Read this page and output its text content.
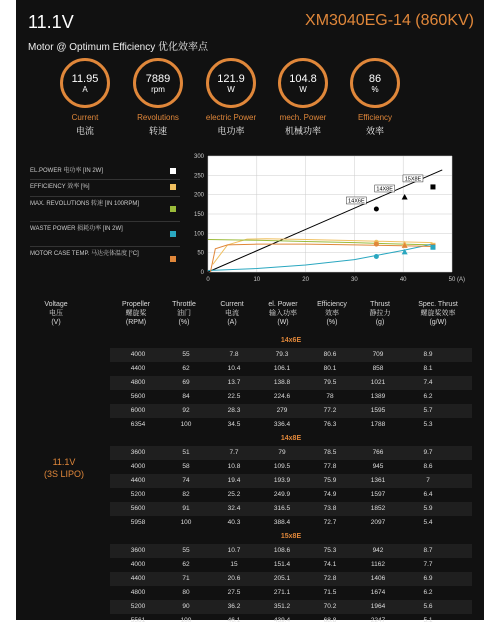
11.1V	XM3040EG-14 (860KV)
Motor @ Optimum Efficiency 优化效率点
11.95
A
Current
电流
7889
rpm
Revolutions
转速
121.9
W
electric Power
电功率
104.8
W
mech. Power
机械功率
86
%
Efficiency
效率
EL.POWER 电功率 [IN 2W]
EFFICIENCY 效率 [%]
MAX. REVOLUTIONS 转速 [IN 100RPM]
WASTE POWER 损耗功率 [IN 2W]
MOTOR CASE TEMP. 马达壳体温度 [°C]
0	10	20	30	40	50
0
50
100
150
200
250
300
(A)
14X6E
14X8E
15X8E
Voltage
电压
(V)
Propeller
螺旋桨
(RPM)
Throttle
油门
(%)
Current
电流
(A)
el. Power
输入功率
(W)
Efficiency
效率
(%)
Thrust
静拉力
(g)
Spec. Thrust
螺旋桨效率
(g/W)
11.1V
(3S LIPO)
14x6E
4000	55	7.8	79.3	80.6	709	8.9
4400	62	10.4	106.1	80.1	858	8.1
4800	69	13.7	138.8	79.5	1021	7.4
5600	84	22.5	224.6	78	1389	6.2
6000	92	28.3	279	77.2	1595	5.7
6354	100	34.5	336.4	76.3	1788	5.3
14x8E
3600	51	7.7	79	78.5	766	9.7
4000	58	10.8	109.5	77.8	945	8.6
4400	74	19.4	193.9	75.9	1361	7
5200	82	25.2	249.9	74.9	1597	6.4
5600	91	32.4	316.5	73.8	1852	5.9
5958	100	40.3	388.4	72.7	2097	5.4
15x8E
3600	55	10.7	108.6	75.3	942	8.7
4000	62	15	151.4	74.1	1162	7.7
4400	71	20.6	205.1	72.8	1406	6.9
4800	80	27.5	271.1	71.5	1674	6.2
5200	90	36.2	351.2	70.2	1964	5.6
5561	100	46.1	439.4	68.8	2247	5.1
